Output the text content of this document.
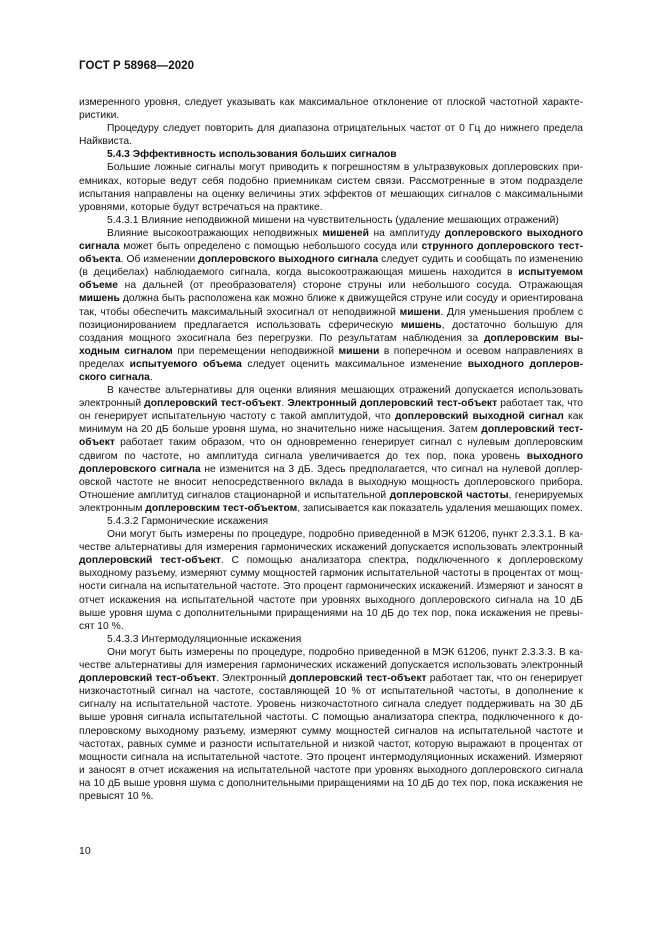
ГОСТ Р 58968—2020

измеренного уровня, следует указывать как максимальное отклонение от плоской частотной характеристики.

Процедуру следует повторить для диапазона отрицательных частот от 0 Гц до нижнего предела Найквиста.

5.4.3 Эффективность использования больших сигналов

Большие ложные сигналы могут приводить к погрешностям в ультразвуковых доплеровских приемниках, которые ведут себя подобно приемникам систем связи. Рассмотренные в этом подразделе испытания направлены на оценку величины этих эффектов от мешающих сигналов с максимальными уровнями, которые будут встречаться на практике.

5.4.3.1 Влияние неподвижной мишени на чувствительность (удаление мешающих отражений)

Влияние высокоотражающих неподвижных мишеней на амплитуду доплеровского выходного сигнала может быть определено с помощью небольшого сосуда или струнного доплеровского тест-объекта. Об изменении доплеровского выходного сигнала следует судить и сообщать по изменению (в децибелах) наблюдаемого сигнала, когда высокоотражающая мишень находится в испытуемом объеме на дальней (от преобразователя) стороне струны или небольшого сосуда. Отражающая мишень должна быть расположена как можно ближе к движущейся струне или сосуду и ориентирована так, чтобы обеспечить максимальный эхосигнал от неподвижной мишени. Для уменьшения проблем с позиционированием предлагается использовать сферическую мишень, достаточно большую для создания мощного эхосигнала без перегрузки. По результатам наблюдения за доплеровским выходным сигналом при перемещении неподвижной мишени в поперечном и осевом направлениях в пределах испытуемого объема следует оценить максимальное изменение выходного доплеровского сигнала.

В качестве альтернативы для оценки влияния мешающих отражений допускается использовать электронный доплеровский тест-объект. Электронный доплеровский тест-объект работает так, что он генерирует испытательную частоту с такой амплитудой, что доплеровский выходной сигнал как минимум на 20 дБ больше уровня шума, но значительно ниже насыщения. Затем доплеровский тест-объект работает таким образом, что он одновременно генерирует сигнал с нулевым доплеровским сдвигом по частоте, но амплитуда сигнала увеличивается до тех пор, пока уровень выходного доплеровского сигнала не изменится на 3 дБ. Здесь предполагается, что сигнал на нулевой доплеровской частоте не вносит непосредственного вклада в выходную мощность доплеровского прибора. Отношение амплитуд сигналов стационарной и испытательной доплеровской частоты, генерируемых электронным доплеровским тест-объектом, записывается как показатель удаления мешающих помех.

5.4.3.2 Гармонические искажения

Они могут быть измерены по процедуре, подробно приведенной в МЭК 61206, пункт 2.3.3.1. В качестве альтернативы для измерения гармонических искажений допускается использовать электронный доплеровский тест-объект. С помощью анализатора спектра, подключенного к доплеровскому выходному разъему, измеряют сумму мощностей гармоник испытательной частоты в процентах от мощности сигнала на испытательной частоте. Это процент гармонических искажений. Измеряют и заносят в отчет искажения на испытательной частоте при уровнях выходного доплеровского сигнала на 10 дБ выше уровня шума с дополнительными приращениями на 10 дБ до тех пор, пока искажения не превысят 10 %.

5.4.3.3 Интермодуляционные искажения

Они могут быть измерены по процедуре, подробно приведенной в МЭК 61206, пункт 2.3.3.3. В качестве альтернативы для измерения гармонических искажений допускается использовать электронный доплеровский тест-объект. Электронный доплеровский тест-объект работает так, что он генерирует низкочастотный сигнал на частоте, составляющей 10 % от испытательной частоты, в дополнение к сигналу на испытательной частоте. Уровень низкочастотного сигнала следует поддерживать на 30 дБ выше уровня сигнала испытательной частоты. С помощью анализатора спектра, подключенного к доплеровскому выходному разъему, измеряют сумму мощностей сигналов на испытательной частоте и частотах, равных сумме и разности испытательной и низкой частот, которую выражают в процентах от мощности сигнала на испытательной частоте. Это процент интермодуляционных искажений. Измеряют и заносят в отчет искажения на испытательной частоте при уровнях выходного доплеровского сигнала на 10 дБ выше уровня шума с дополнительными приращениями на 10 дБ до тех пор, пока искажения не превысят 10 %.

10
